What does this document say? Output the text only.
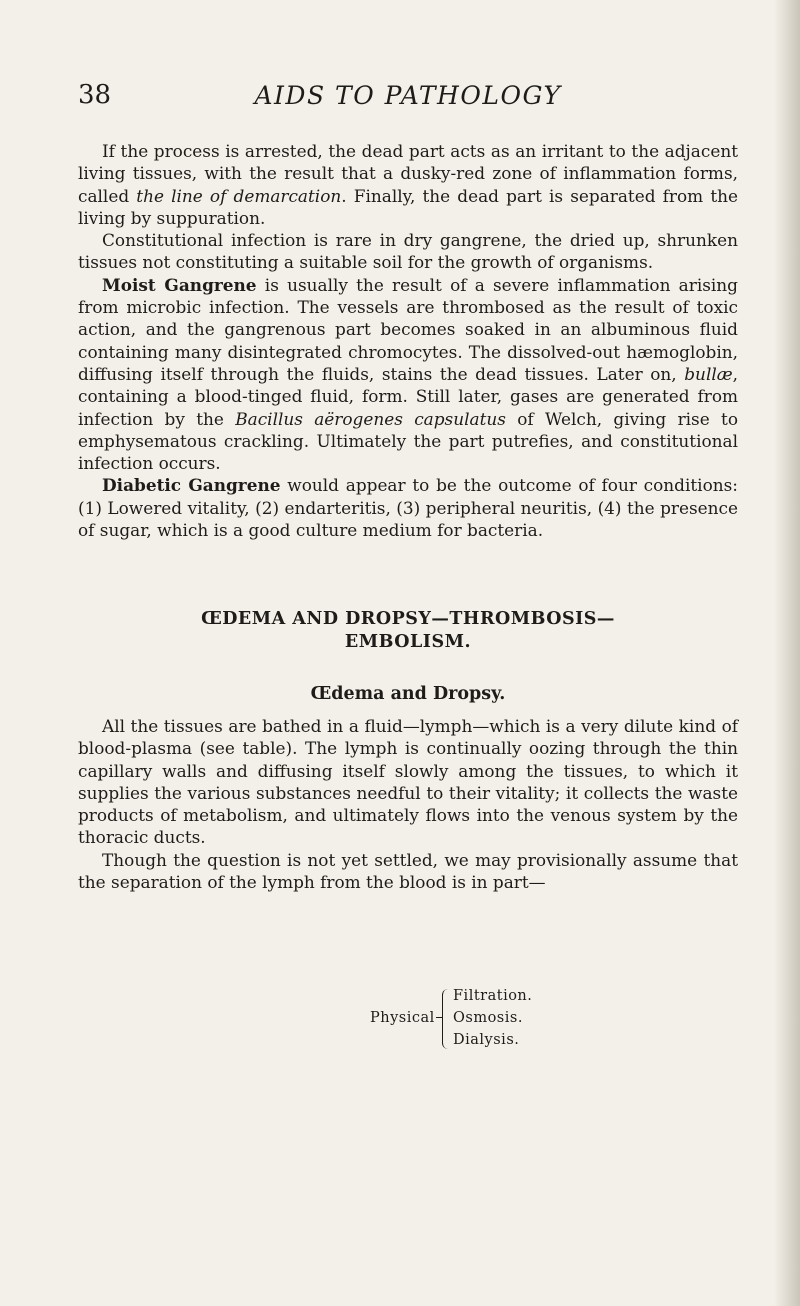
38	AIDS TO PATHOLOGY

If the process is arrested, the dead part acts as an irritant to the adjacent living tissues, with the result that a dusky-red zone of inflammation forms, called the line of demarcation. Finally, the dead part is separated from the living by suppuration.

Constitutional infection is rare in dry gangrene, the dried up, shrunken tissues not constituting a suitable soil for the growth of organisms.

Moist Gangrene is usually the result of a severe inflammation arising from microbic infection. The vessels are thrombosed as the result of toxic action, and the gangrenous part becomes soaked in an albuminous fluid containing many disintegrated chromocytes. The dissolved-out hæmoglobin, diffusing itself through the fluids, stains the dead tissues. Later on, bullæ, containing a blood-tinged fluid, form. Still later, gases are generated from infection by the Bacillus aërogenes capsulatus of Welch, giving rise to emphysematous crackling. Ultimately the part putrefies, and constitutional infection occurs.

Diabetic Gangrene would appear to be the outcome of four conditions: (1) Lowered vitality, (2) endarteritis, (3) peripheral neuritis, (4) the presence of sugar, which is a good culture medium for bacteria.

ŒDEMA AND DROPSY—THROMBOSIS—
EMBOLISM.
Œdema and Dropsy.

All the tissues are bathed in a fluid—lymph—which is a very dilute kind of blood-plasma (see table). The lymph is continually oozing through the thin capillary walls and diffusing itself slowly among the tissues, to which it supplies the various substances needful to their vitality; it collects the waste products of metabolism, and ultimately flows into the venous system by the thoracic ducts.

Though the question is not yet settled, we may provisionally assume that the separation of the lymph from the blood is in part—

Physical
Filtration.
Osmosis.
Dialysis.
